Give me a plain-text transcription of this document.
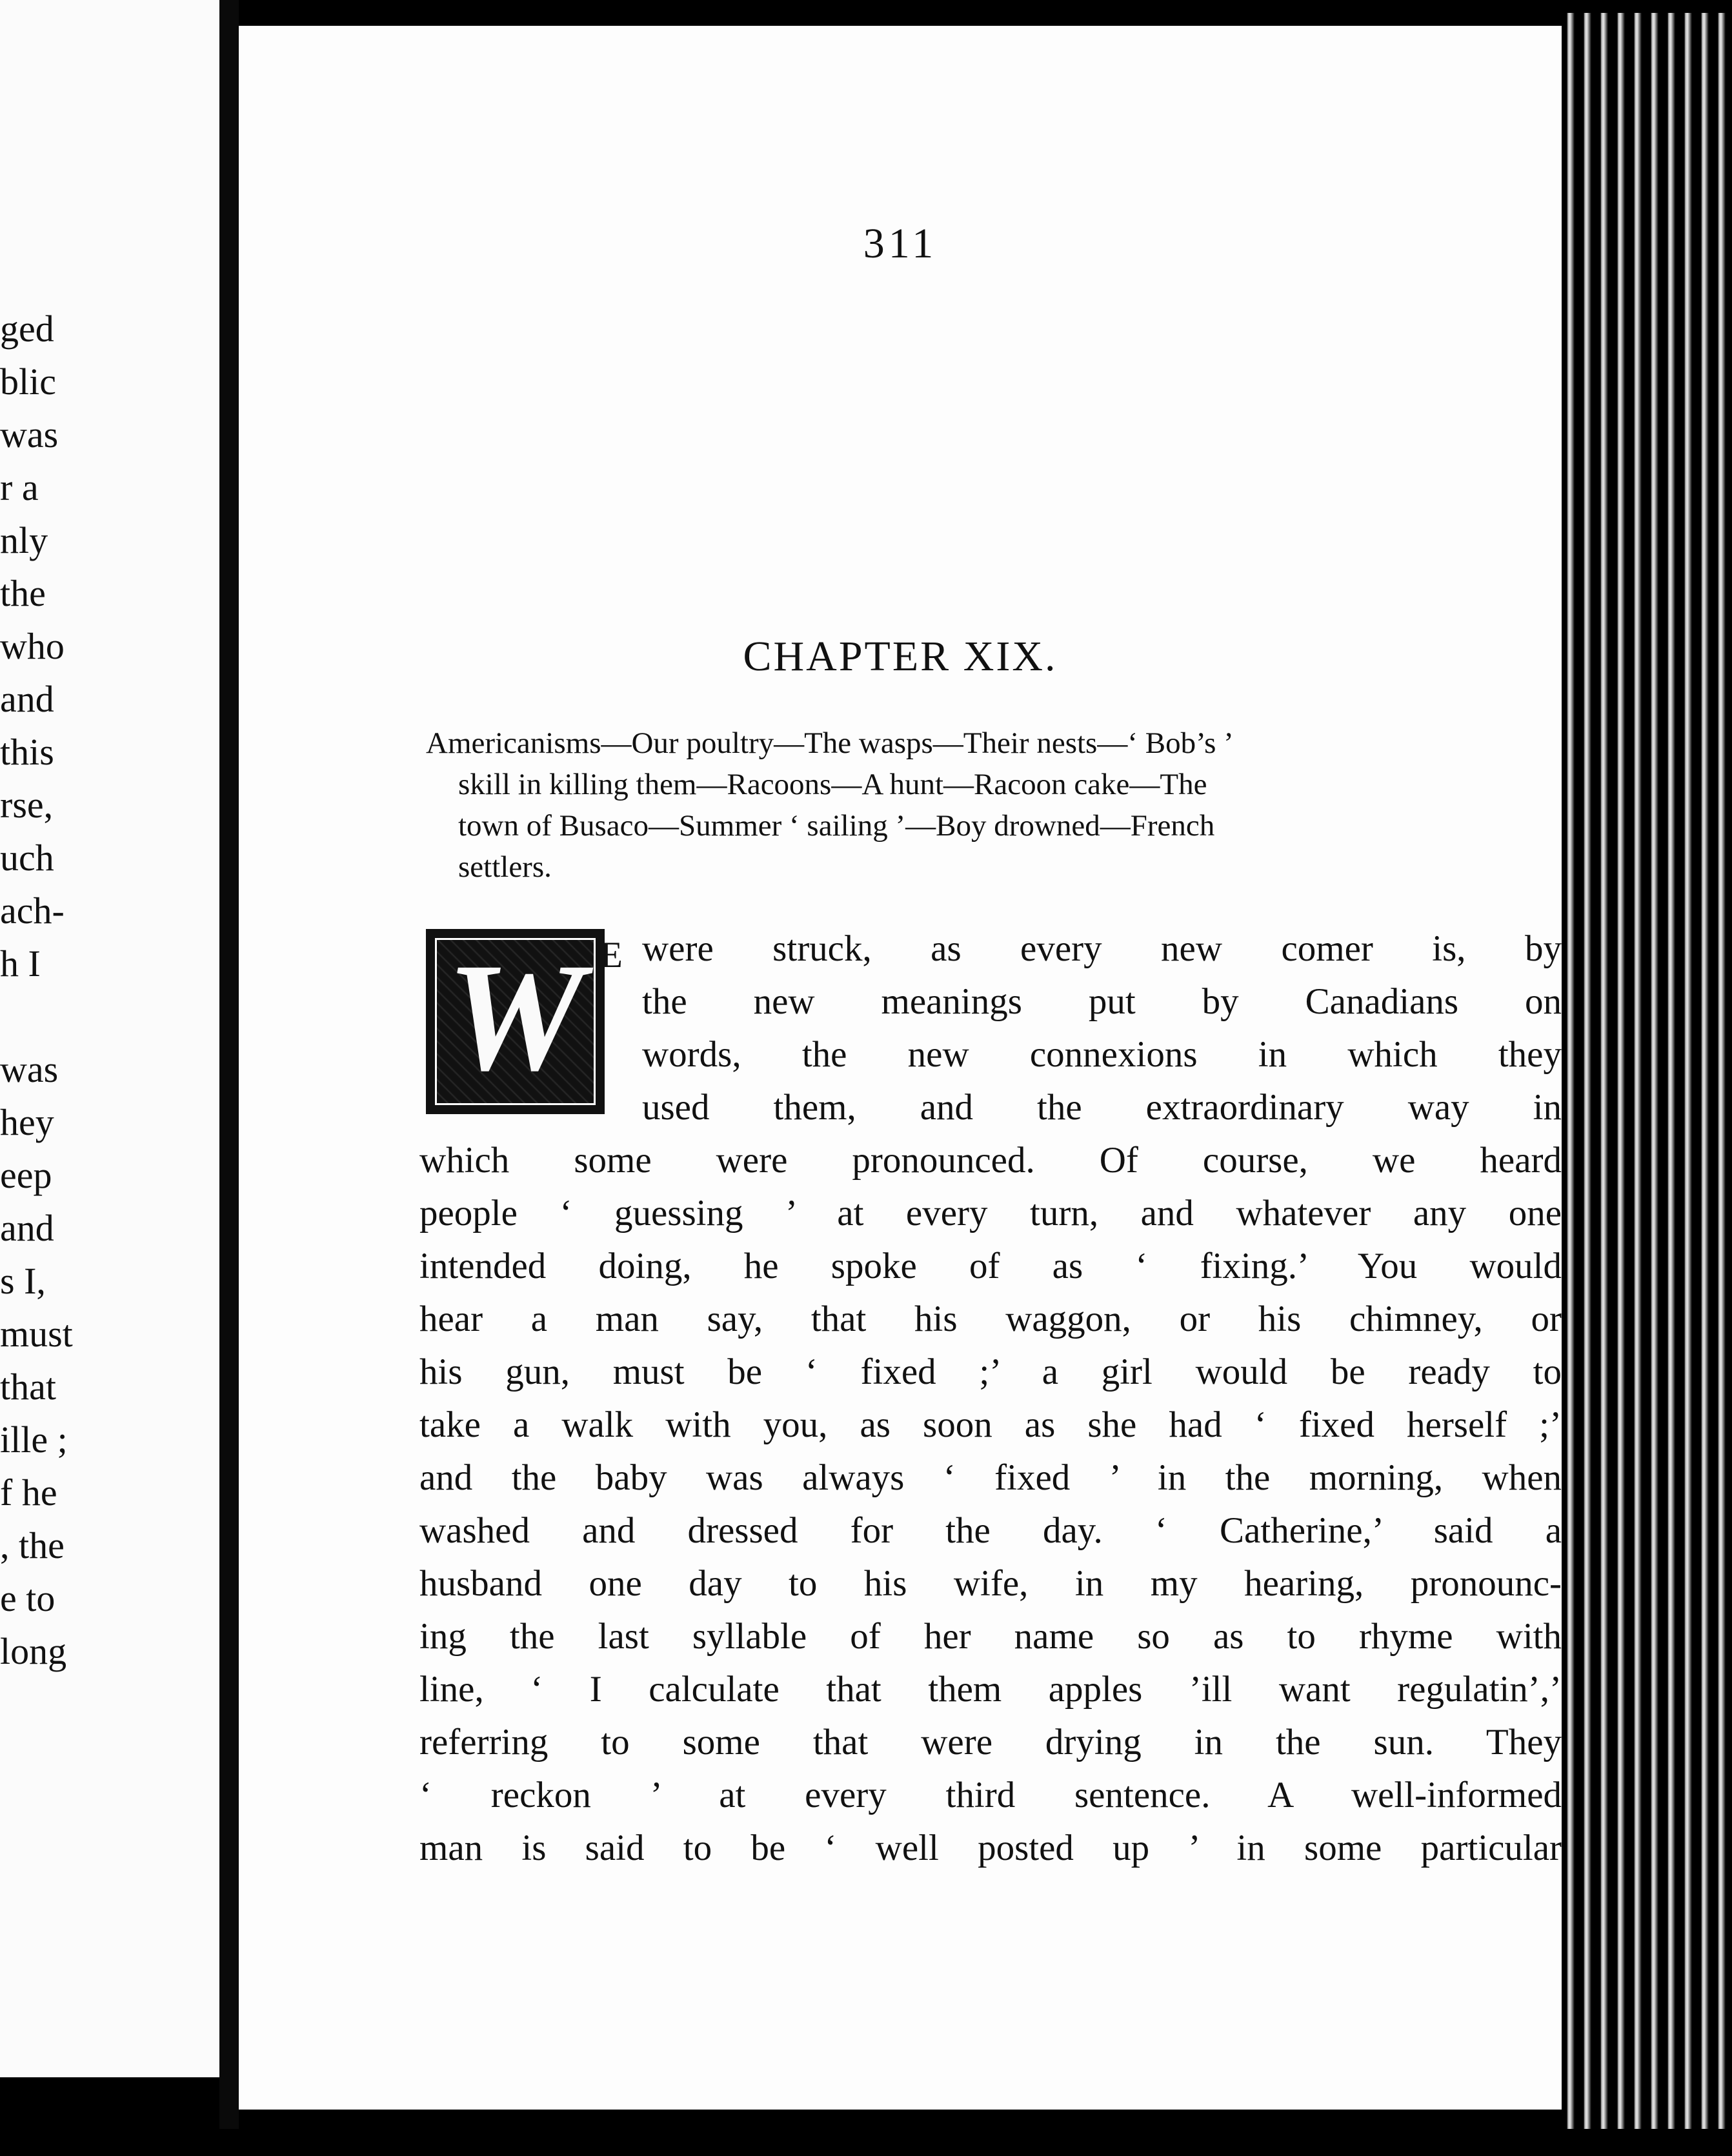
ged
blic
was
r a
nly
the
who
and
this
rse,
uch
ach-
h I
was
hey
eep
and
s I,
must
that
ille ;
f he
, the
e to
long
311
CHAPTER XIX.
Americanisms—Our poultry—The wasps—Their nests—‘ Bob’s ’
skill in killing them—Racoons—A hunt—Racoon cake—The
town of Busaco—Summer ‘ sailing ’—Boy drowned—French
settlers.
W E were struck, as every new comer is, by
the new meanings put by Canadians on
words, the new connexions in which they
used them, and the extraordinary way in
which some were pronounced. Of course, we heard
people ‘ guessing ’ at every turn, and whatever any one
intended doing, he spoke of as ‘ fixing.’ You would
hear a man say, that his waggon, or his chimney, or
his gun, must be ‘ fixed ;’ a girl would be ready to
take a walk with you, as soon as she had ‘ fixed herself ;’
and the baby was always ‘ fixed ’ in the morning, when
washed and dressed for the day. ‘ Catherine,’ said a
husband one day to his wife, in my hearing, pronounc-
ing the last syllable of her name so as to rhyme with
line, ‘ I calculate that them apples ’ill want regulatin’,’
referring to some that were drying in the sun. They
‘ reckon ’ at every third sentence. A well-informed
man is said to be ‘ well posted up ’ in some particular
